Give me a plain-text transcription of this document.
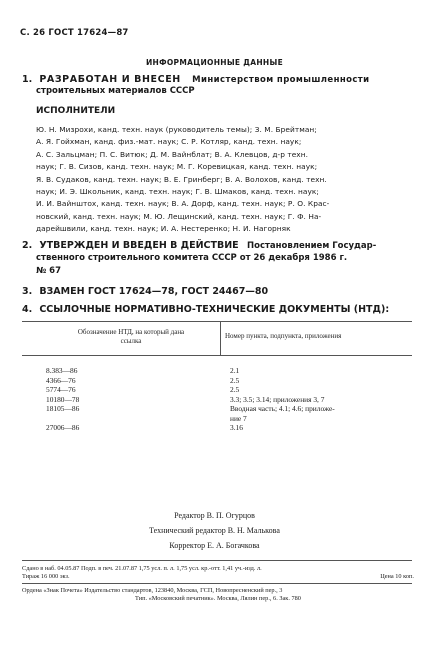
С. 26 ГОСТ 17624—87
ИНФОРМАЦИОННЫЕ ДАННЫЕ
1. РАЗРАБОТАН И ВНЕСЕН Министерством промышленности
строительных материалов СССР
ИСПОЛНИТЕЛИ
Ю. Н. Мизрохи, канд. техн. наук (руководитель темы); З. М. Брейтман;
А. Я. Гойхман, канд. физ.-мат. наук; С. Р. Котляр, канд. техн. наук;
А. С. Зальцман; П. С. Витюк; Д. М. Вайнблат; В. А. Клевцов, д-р техн.
наук; Г. В. Сизов, канд. техн. наук; М. Г. Коревицкая, канд. техн. наук;
Я. В. Судаков, канд. техн. наук; В. Е. Гринберг; В. А. Волохов, канд. техн.
наук; И. Э. Школьник, канд. техн. наук; Г. В. Шмаков, канд. техн. наук;
И. И. Вайнштох, канд. техн. наук; В. А. Дорф, канд. техн. наук; Р. О. Крас-
новский, канд. техн. наук; М. Ю. Лещинский, канд. техн. наук; Г. Ф. На-
дарейшвили, канд. техн. наук; И. А. Нестеренко; Н. И. Нагорняк
2. УТВЕРЖДЕН И ВВЕДЕН В ДЕЙСТВИЕ Постановлением Государ-
ственного строительного комитета СССР от 26 декабря 1986 г.
№ 67
3. ВЗАМЕН ГОСТ 17624—78, ГОСТ 24467—80
4. ССЫЛОЧНЫЕ НОРМАТИВНО-ТЕХНИЧЕСКИЕ ДОКУМЕНТЫ (НТД):
Обозначение НТД, на который дана
ссылка
Номер пункта, подпункта, приложения
8.383—86
4366—76
5774—76
10180—78
18105—86
27006—86
2.1
2.5
2.5
3.3; 3.5; 3.14; приложения 3, 7
Вводная часть; 4.1; 4.6; приложе-
ние 7
3.16
Редактор В. П. Огурцов
Технический редактор В. Н. Малькова
Корректор Е. А. Богачкова
Сдано в наб. 04.05.87 Подп. в печ. 21.07.87 1,75 усл. п. л. 1,75 усл. кр.-отт. 1,41 уч.-изд. л.
Тираж 16 000 экз.	Цена 10 коп.
Ордена «Знак Почета» Издательство стандартов, 123840, Москва, ГСП, Новопресненский пер., 3
Тип. «Московский печатник». Москва, Лялин пер., 6. Зак. 780
